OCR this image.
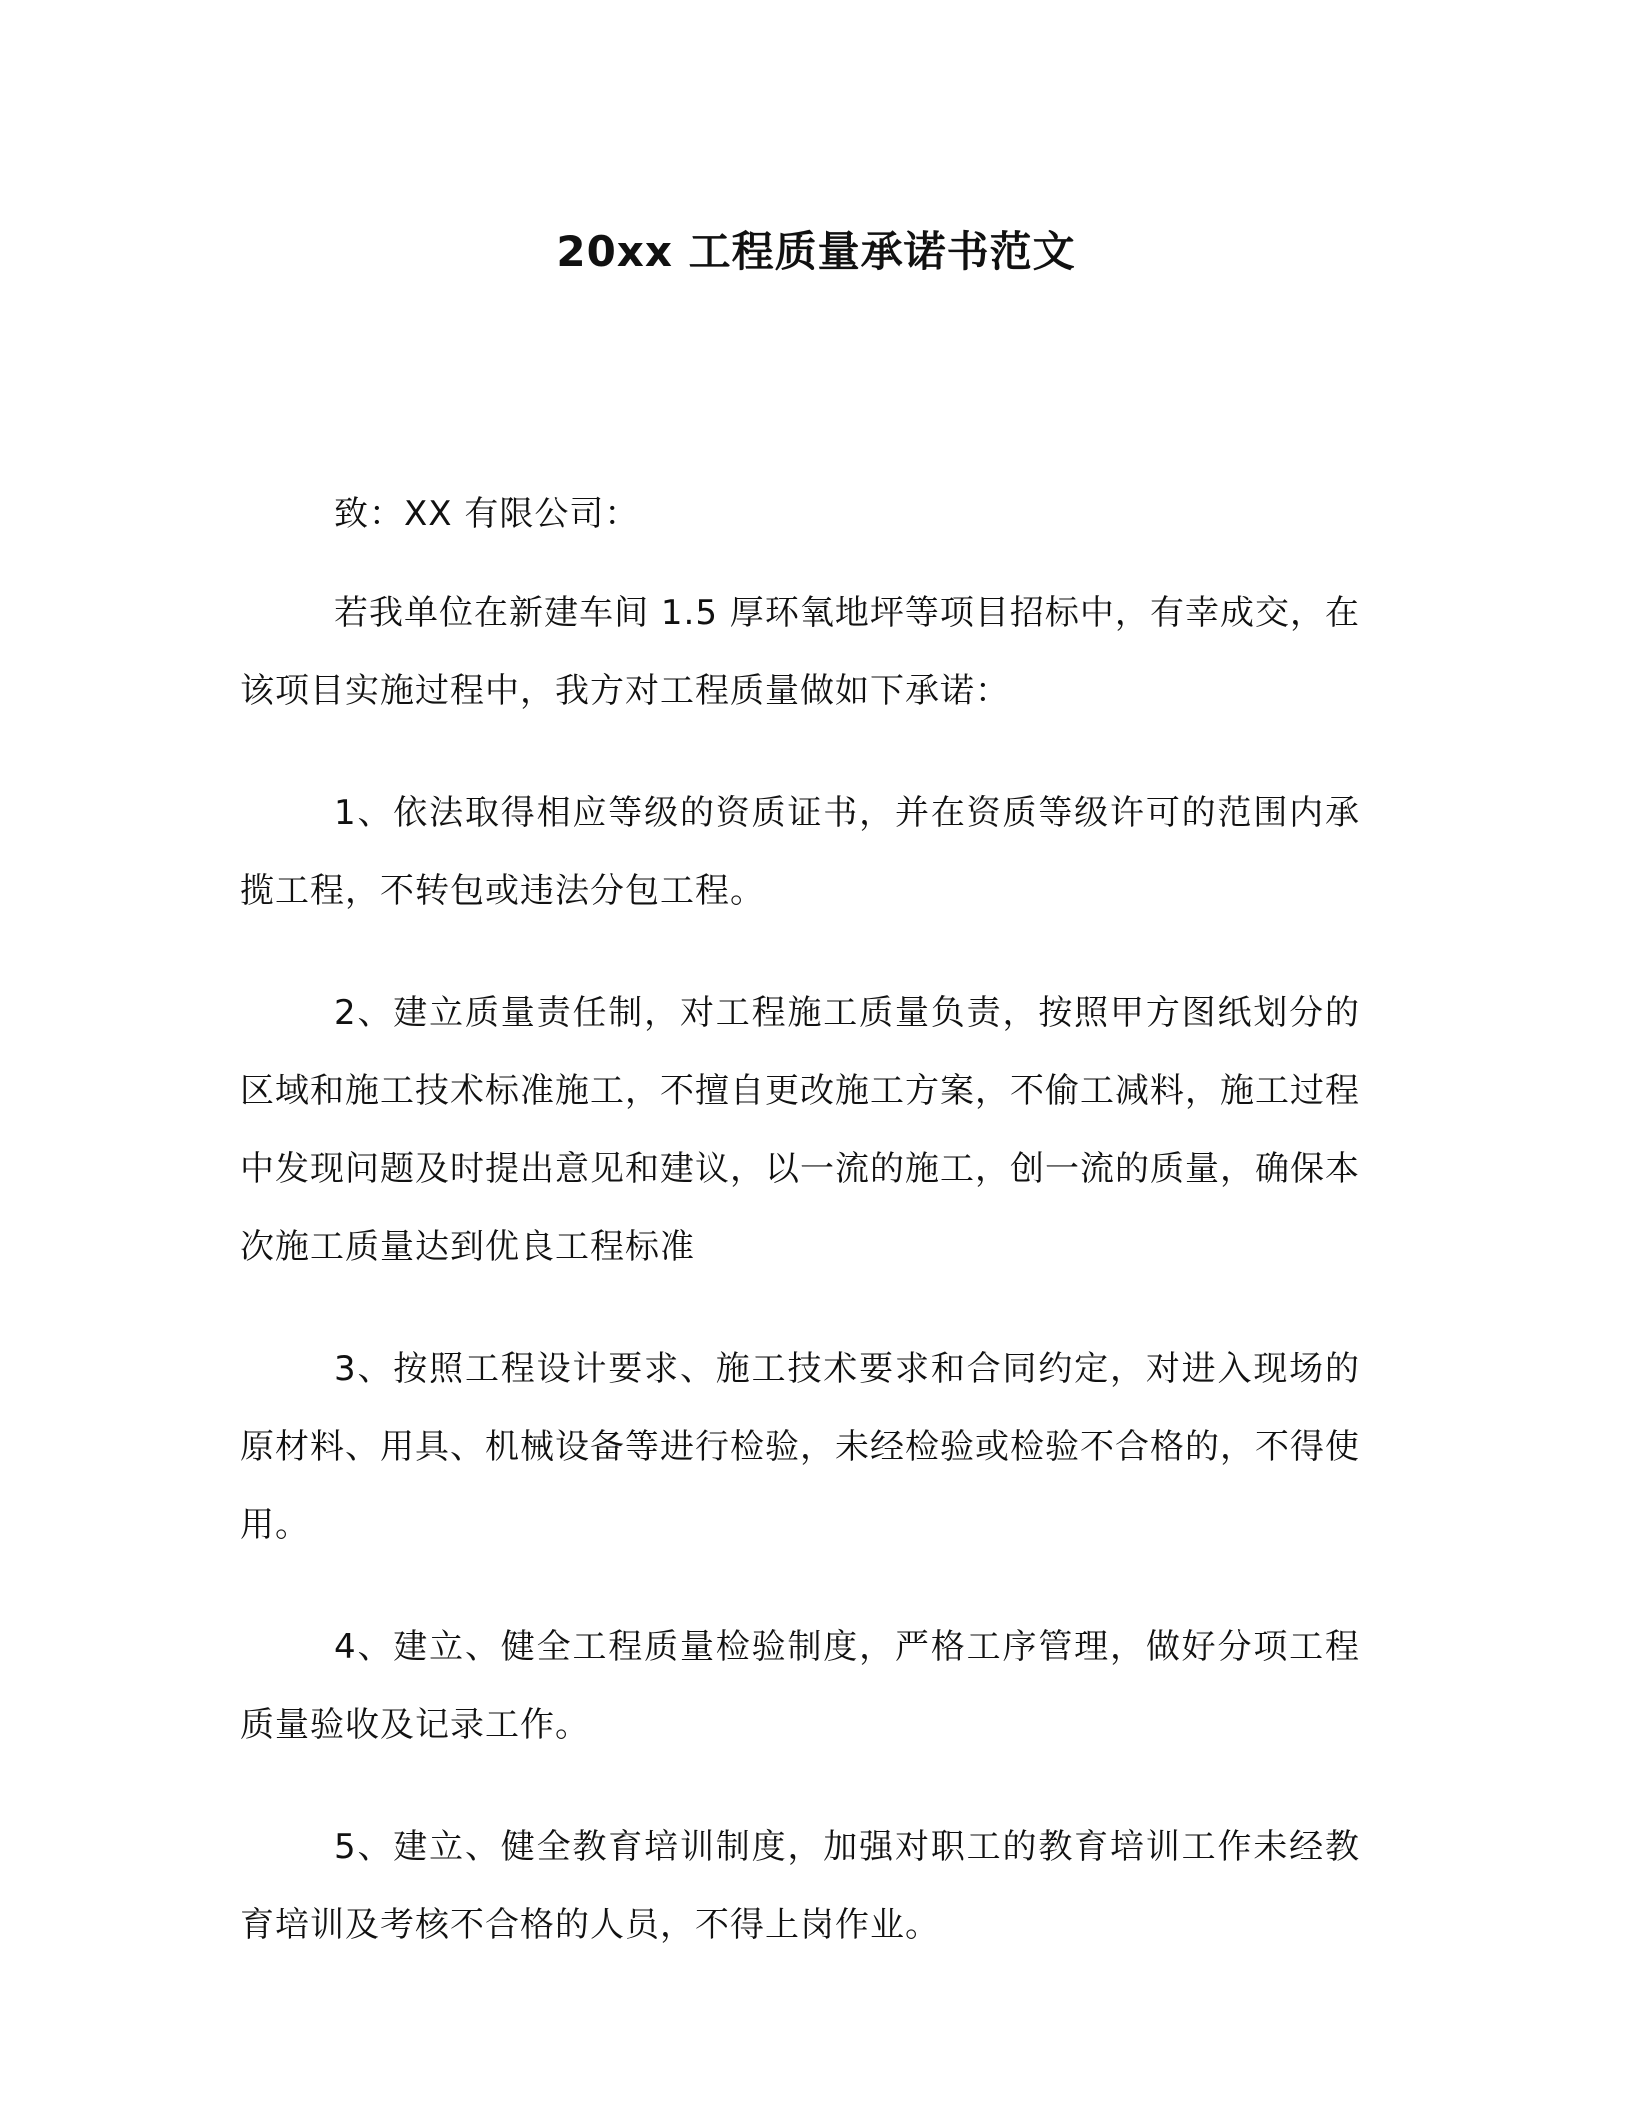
20xx 工程质量承诺书范文

致：XX 有限公司：

若我单位在新建车间 1.5 厚环氧地坪等项目招标中，有幸成交，在该项目实施过程中，我方对工程质量做如下承诺：

1、依法取得相应等级的资质证书，并在资质等级许可的范围内承揽工程，不转包或违法分包工程。

2、建立质量责任制，对工程施工质量负责，按照甲方图纸划分的区域和施工技术标准施工，不擅自更改施工方案，不偷工减料，施工过程中发现问题及时提出意见和建议，以一流的施工，创一流的质量，确保本次施工质量达到优良工程标准

3、按照工程设计要求、施工技术要求和合同约定，对进入现场的原材料、用具、机械设备等进行检验，未经检验或检验不合格的，不得使用。

4、建立、健全工程质量检验制度，严格工序管理，做好分项工程质量验收及记录工作。

5、建立、健全教育培训制度，加强对职工的教育培训工作未经教育培训及考核不合格的人员，不得上岗作业。
